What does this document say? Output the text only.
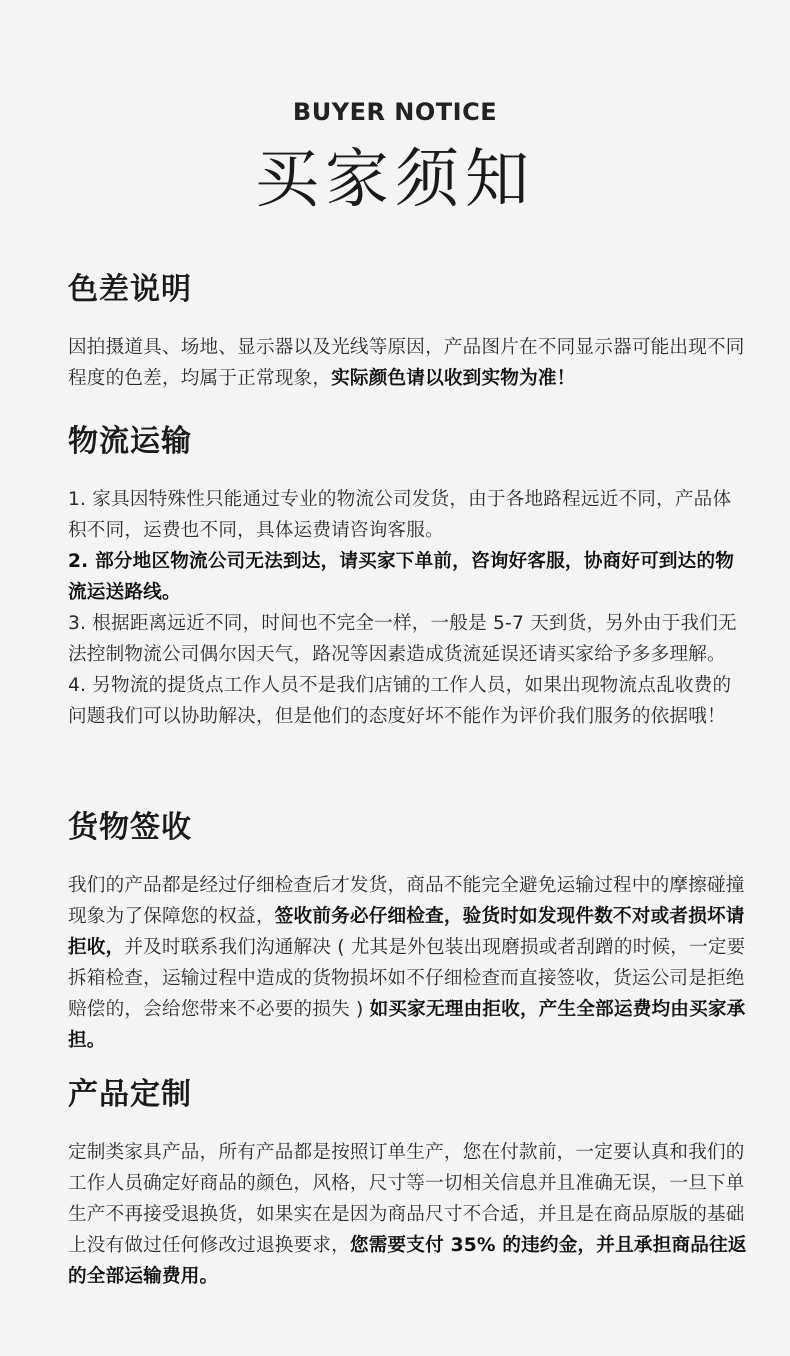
BUYER NOTICE
买家须知
色差说明

因拍摄道具、场地、显示器以及光线等原因，产品图片在不同显示器可能出现不同程度的色差，均属于正常现象，实际颜色请以收到实物为准！

物流运输

1. 家具因特殊性只能通过专业的物流公司发货，由于各地路程远近不同，产品体积不同，运费也不同，具体运费请咨询客服。

2. 部分地区物流公司无法到达，请买家下单前，咨询好客服，协商好可到达的物流运送路线。

3. 根据距离远近不同，时间也不完全一样，一般是 5-7 天到货，另外由于我们无法控制物流公司偶尔因天气，路况等因素造成货流延误还请买家给予多多理解。

4. 另物流的提货点工作人员不是我们店铺的工作人员，如果出现物流点乱收费的问题我们可以协助解决，但是他们的态度好坏不能作为评价我们服务的依据哦！

货物签收

我们的产品都是经过仔细检查后才发货，商品不能完全避免运输过程中的摩擦碰撞现象为了保障您的权益，签收前务必仔细检查，验货时如发现件数不对或者损坏请拒收，并及时联系我们沟通解决 ( 尤其是外包装出现磨损或者刮蹭的时候，一定要拆箱检查，运输过程中造成的货物损坏如不仔细检查而直接签收，货运公司是拒绝赔偿的，会给您带来不必要的损失 ) 如买家无理由拒收，产生全部运费均由买家承担。

产品定制

定制类家具产品，所有产品都是按照订单生产，您在付款前，一定要认真和我们的工作人员确定好商品的颜色，风格，尺寸等一切相关信息并且准确无误，一旦下单生产不再接受退换货，如果实在是因为商品尺寸不合适，并且是在商品原版的基础上没有做过任何修改过退换要求，您需要支付 35% 的违约金，并且承担商品往返的全部运输费用。
